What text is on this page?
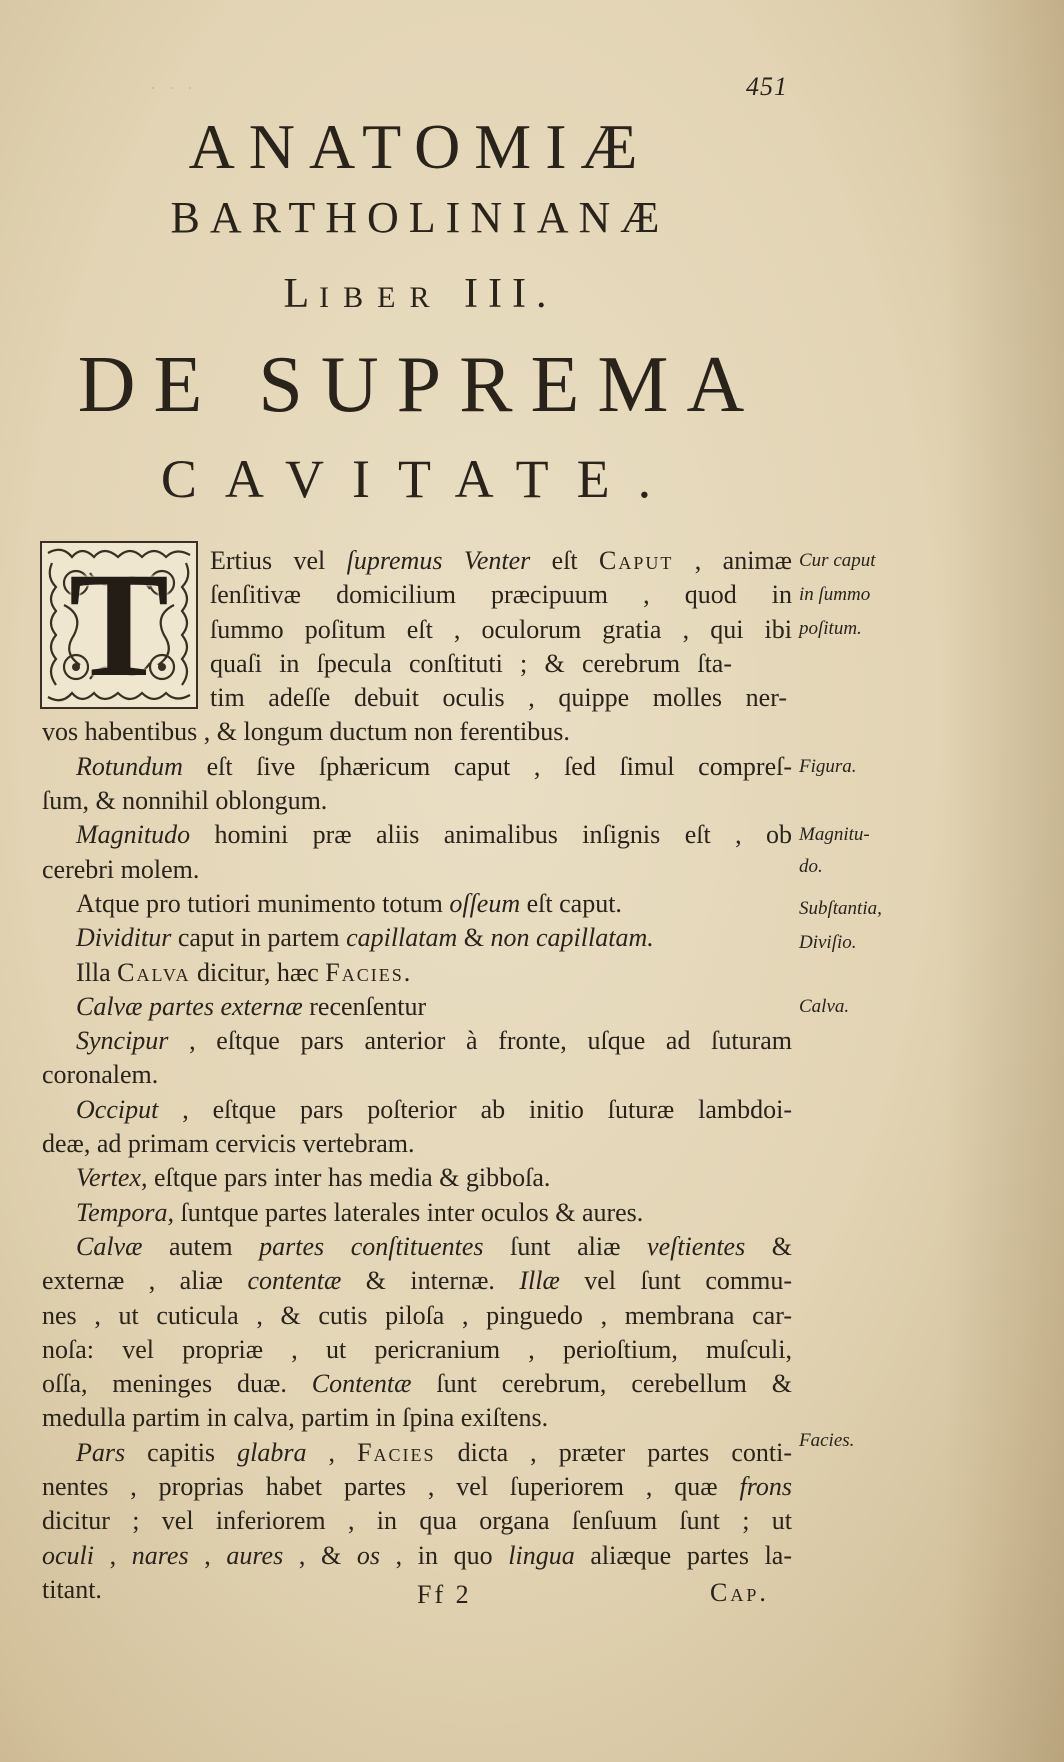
· · ·	451
ANATOMIÆ
BARTHOLINIANÆ
LIBER III.
DE SUPREMA
CAVITATE.
T	Ertius vel ſupremus Venter eſt Caput , animæ
ſenſitivæ domicilium præcipuum , quod in
ſummo poſitum eſt , oculorum gratia , qui ibi
quaſi in ſpecula conſtituti ; & cerebrum ſta-
tim adeſſe debuit oculis , quippe molles ner-
vos habentibus , & longum ductum non ferentibus.
Rotundum eſt ſive ſphæricum caput , ſed ſimul compreſ-
ſum, & nonnihil oblongum.
Magnitudo homini præ aliis animalibus inſignis eſt , ob
cerebri molem.
Atque pro tutiori munimento totum oſſeum eſt caput.
Dividitur caput in partem capillatam & non capillatam.
Illa Calva dicitur, hæc Facies.
Calvæ partes externæ recenſentur
Syncipur , eſtque pars anterior à fronte, uſque ad ſuturam
coronalem.
Occiput , eſtque pars poſterior ab initio ſuturæ lambdoi-
deæ, ad primam cervicis vertebram.
Vertex, eſtque pars inter has media & gibboſa.
Tempora, ſuntque partes laterales inter oculos & aures.
Calvæ autem partes conſtituentes ſunt aliæ veſtientes &
externæ , aliæ contentæ & internæ. Illæ vel ſunt commu-
nes , ut cuticula , & cutis piloſa , pinguedo , membrana car-
noſa: vel propriæ , ut pericranium , perioſtium, muſculi,
oſſa, meninges duæ. Contentæ ſunt cerebrum, cerebellum &
medulla partim in calva, partim in ſpina exiſtens.
Pars capitis glabra , Facies dicta , præter partes conti-
nentes , proprias habet partes , vel ſuperiorem , quæ frons
dicitur ; vel inferiorem , in qua organa ſenſuum ſunt ; ut
oculi , nares , aures , & os , in quo lingua aliæque partes la-
titant.
Cur caput
in ſummo
poſitum.
Figura.
Magnitu-
do.
Subſtantia,
Diviſio.
Calva.
Facies.
Ff 2	Cap.
